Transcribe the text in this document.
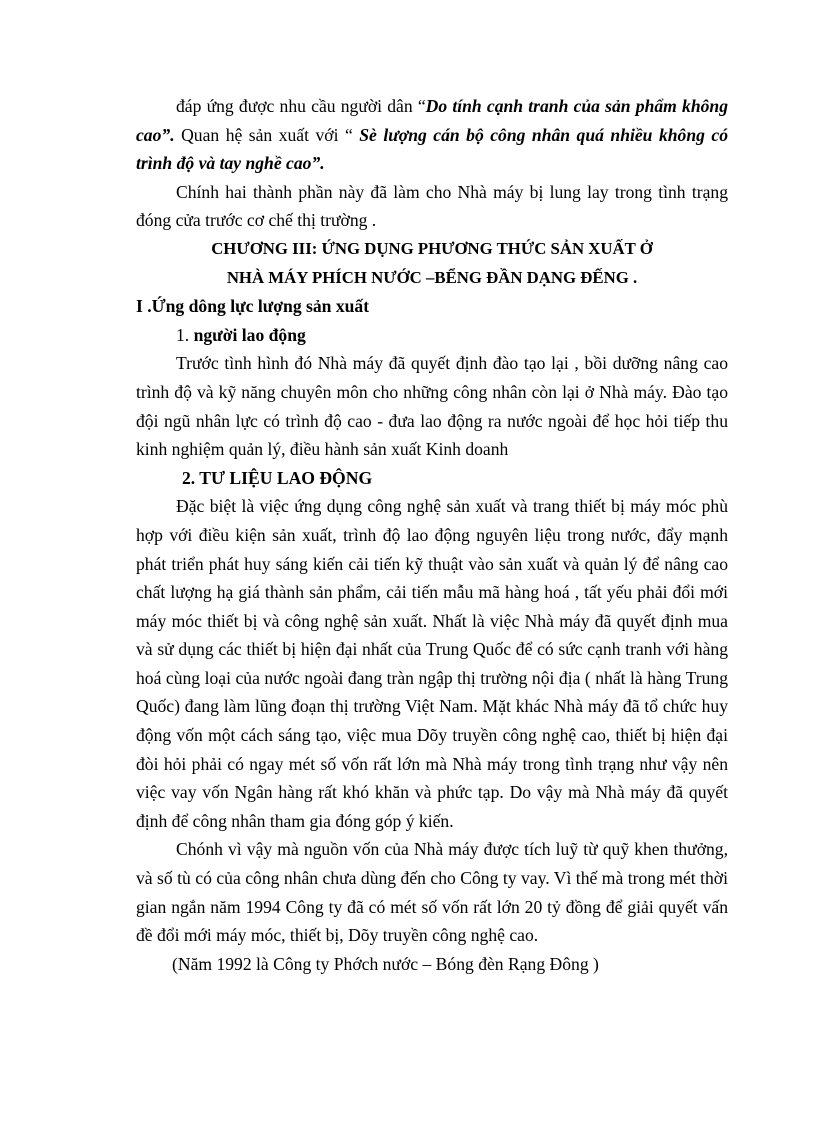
đáp ứng được nhu cầu người dân “Do tính cạnh tranh của sản phẩm không cao”. Quan hệ sản xuất với “ Sè lượng cán bộ công nhân quá nhiều không có trình độ và tay nghề cao”.

Chính hai thành phần này đã làm cho Nhà máy bị lung lay trong tình trạng đóng cửa trước cơ chế thị trường .

CHƯƠNG III: ỨNG DỤNG PHƯƠNG THỨC SẢN XUẤT Ở

NHÀ MÁY PHÍCH NƯỚC –BỂNG ĐẦN DẠNG ĐẾNG .

I .Ứng dông lực lượng sản xuất

1. người lao động

Trước tình hình đó Nhà máy đã quyết định đào tạo lại , bồi dưỡng nâng cao trình độ và kỹ năng chuyên môn cho những công nhân còn lại ở Nhà máy. Đào tạo đội ngũ nhân lực có trình độ cao - đưa lao động ra nước ngoài để học hỏi tiếp thu kinh nghiệm quản lý, điều hành sản xuất Kinh doanh

2. TƯ LIỆU LAO ĐỘNG

Đặc biệt là việc ứng dụng công nghệ sản xuất và trang thiết bị máy móc phù hợp với điều kiện sản xuất, trình độ lao động nguyên liệu trong nước, đẩy mạnh phát triển phát huy sáng kiến cải tiến kỹ thuật vào sản xuất và quản lý để nâng cao chất lượng hạ giá thành sản phẩm, cải tiến mẫu mã hàng hoá , tất yếu phải đổi mới máy móc thiết bị và công nghệ sản xuất. Nhất là việc Nhà máy đã quyết định mua và sử dụng các thiết bị hiện đại nhất của Trung Quốc để có sức cạnh tranh với hàng hoá cùng loại của nước ngoài đang tràn ngập thị trường nội địa ( nhất là hàng Trung Quốc) đang làm lũng đoạn thị trường Việt Nam. Mặt khác Nhà máy đã tổ chức huy động vốn một cách sáng tạo, việc mua Dõy truyền công nghệ cao, thiết bị hiện đại đòi hỏi phải có ngay mét số vốn rất lớn mà Nhà máy trong tình trạng như vậy nên việc vay vốn Ngân hàng rất khó khăn và phức tạp. Do vậy mà Nhà máy đã quyết định để công nhân tham gia đóng góp ý kiến.

Chónh vì vậy mà nguồn vốn của Nhà máy được tích luỹ từ quỹ khen thưởng, và số tù có của công nhân chưa dùng đến cho Công ty vay. Vì thế mà trong mét thời gian ngắn năm 1994 Công ty đã có mét số vốn rất lớn 20 tỷ đồng để giải quyết vấn đề đổi mới máy móc, thiết bị, Dõy truyền công nghệ cao.

(Năm 1992 là Công ty Phớch nước – Bóng đèn Rạng Đông )
